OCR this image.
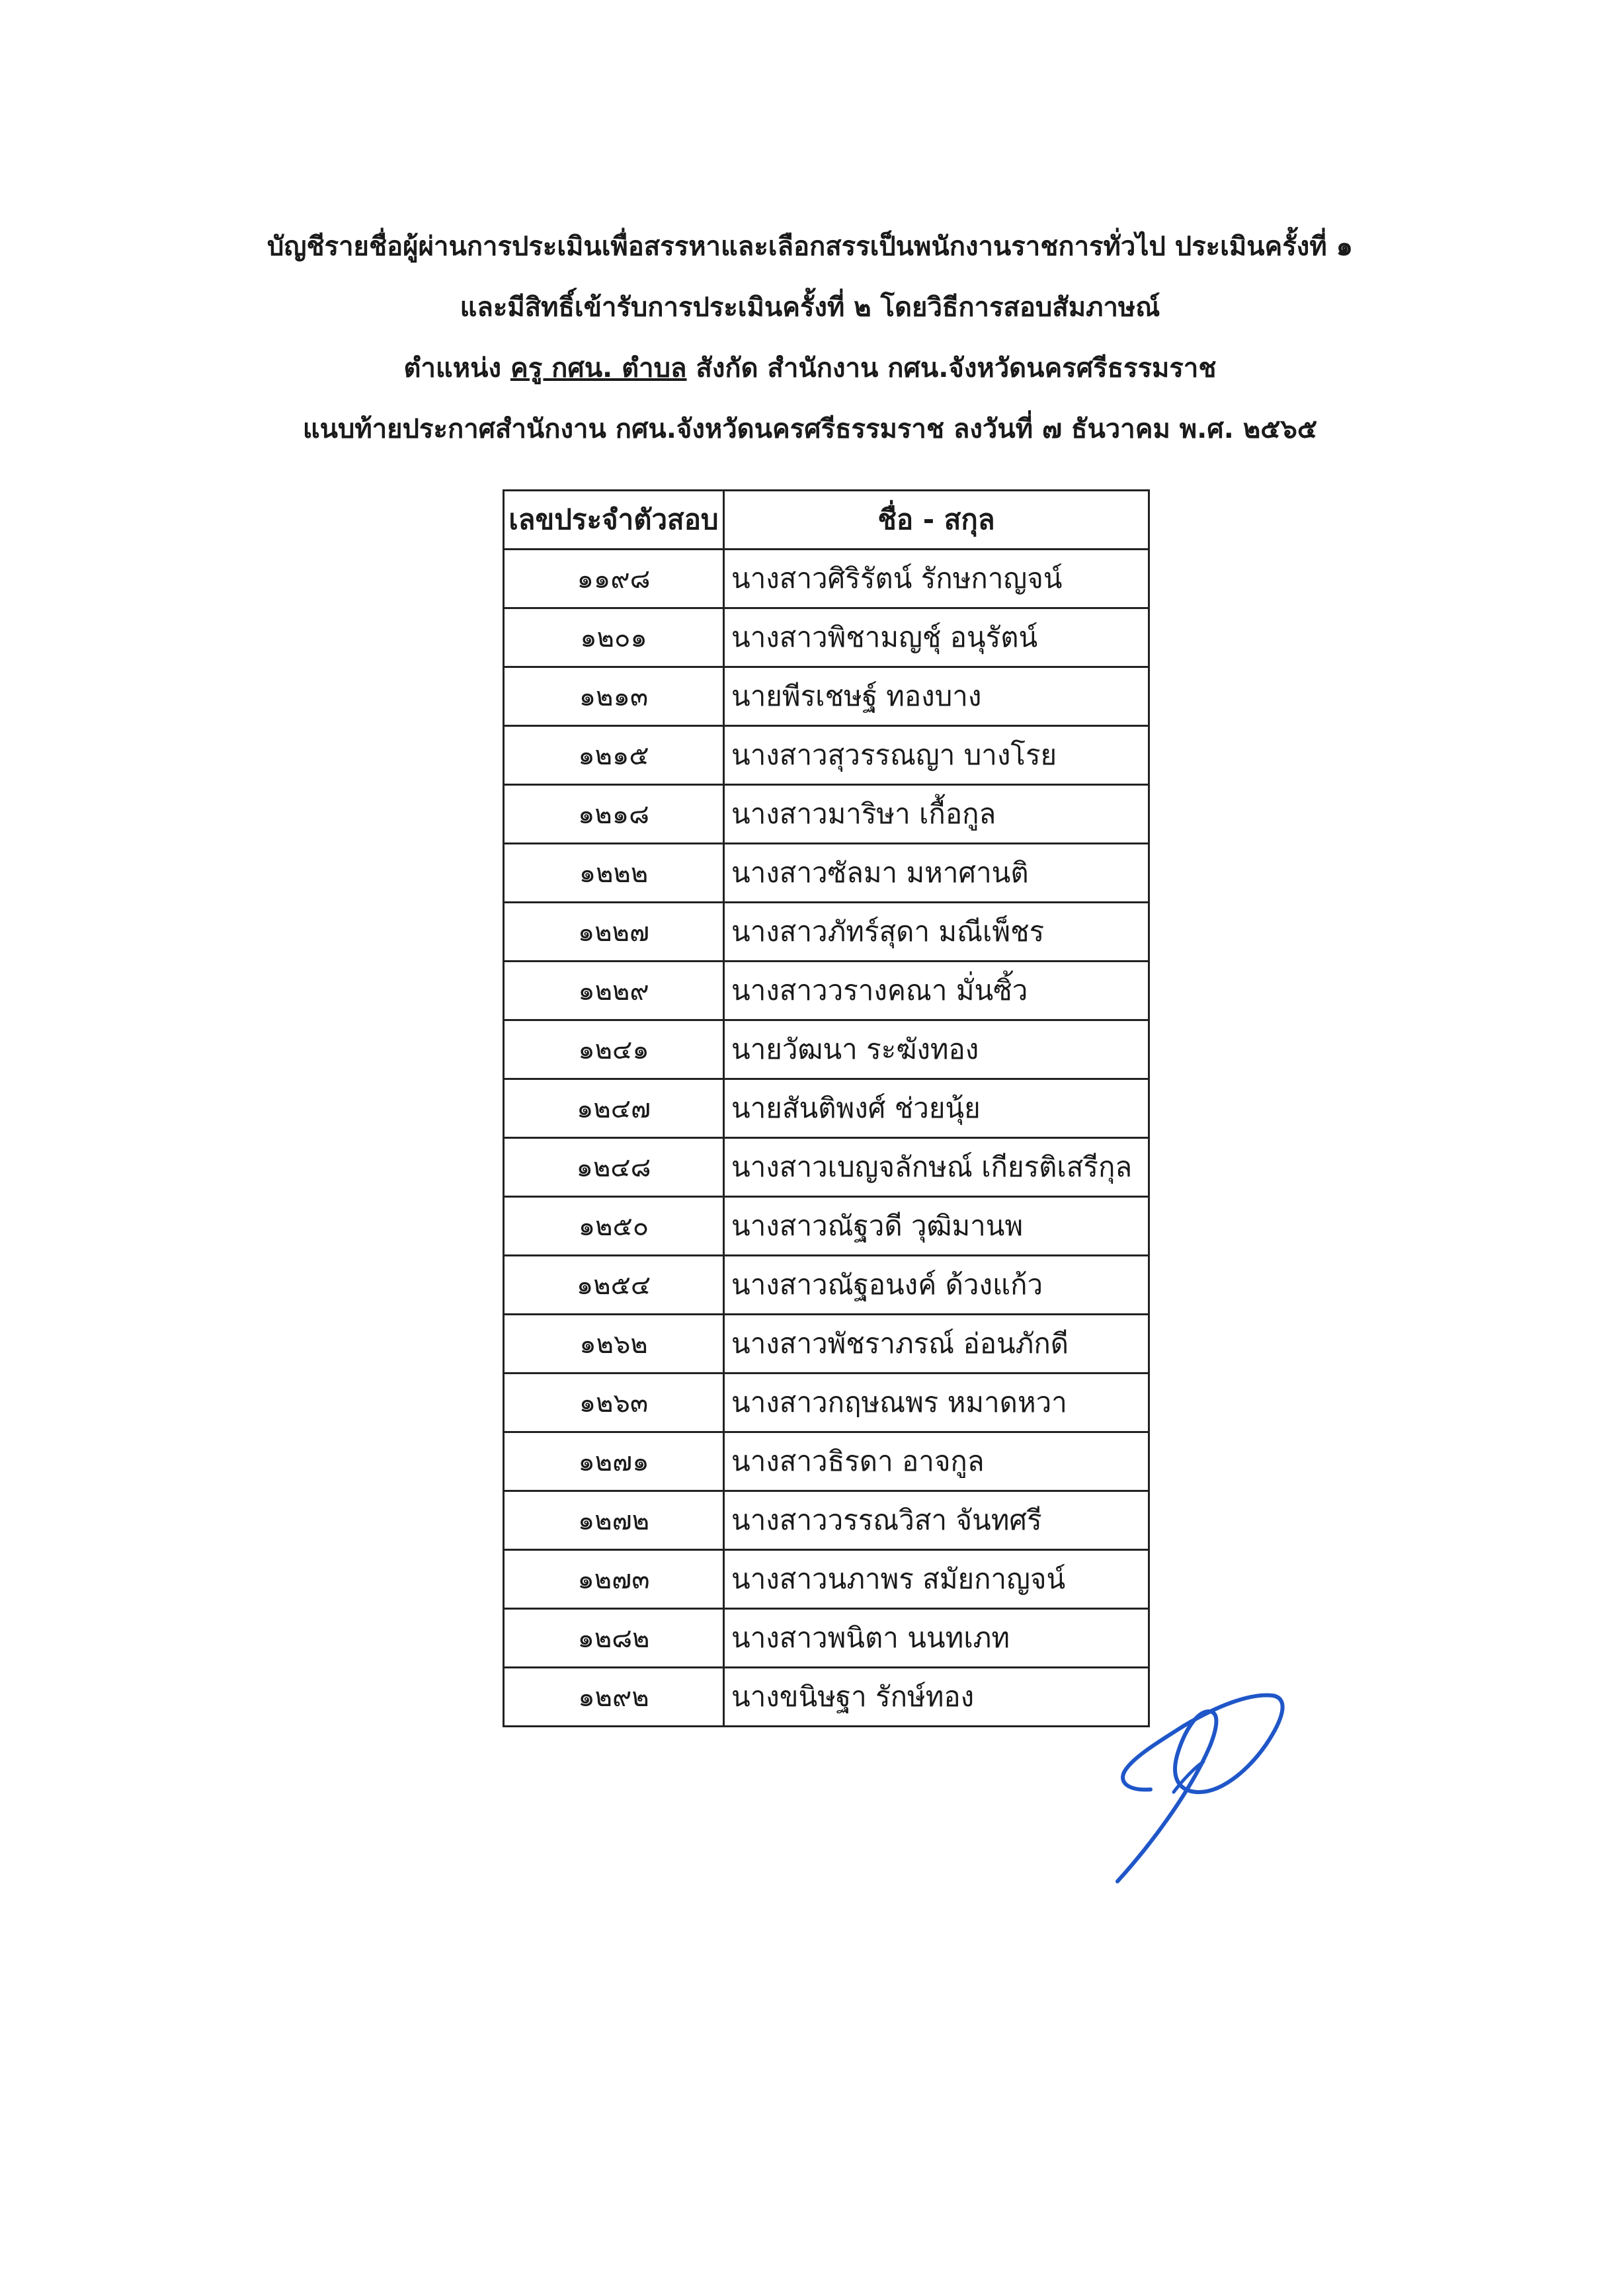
บัญชีรายชื่อผู้ผ่านการประเมินเพื่อสรรหาและเลือกสรรเป็นพนักงานราชการทั่วไป ประเมินครั้งที่ ๑
และมีสิทธิ์เข้ารับการประเมินครั้งที่ ๒ โดยวิธีการสอบสัมภาษณ์
ตำแหน่ง ครู กศน. ตำบล สังกัด สำนักงาน กศน.จังหวัดนครศรีธรรมราช
แนบท้ายประกาศสำนักงาน กศน.จังหวัดนครศรีธรรมราช ลงวันที่ ๗ ธันวาคม พ.ศ. ๒๕๖๕
เลขประจำตัวสอบ	ชื่อ - สกุล
๑๑๙๘	นางสาวศิริรัตน์ รักษกาญจน์
๑๒๐๑	นางสาวพิชามญชุ์ อนุรัตน์
๑๒๑๓	นายพีรเชษฐ์ ทองบาง
๑๒๑๕	นางสาวสุวรรณญา บางโรย
๑๒๑๘	นางสาวมาริษา เกื้อกูล
๑๒๒๒	นางสาวซัลมา มหาศานติ
๑๒๒๗	นางสาวภัทร์สุดา มณีเพ็ชร
๑๒๒๙	นางสาววรางคณา มั่นซิ้ว
๑๒๔๑	นายวัฒนา ระฆังทอง
๑๒๔๗	นายสันติพงศ์ ช่วยนุ้ย
๑๒๔๘	นางสาวเบญจลักษณ์ เกียรติเสรีกุล
๑๒๕๐	นางสาวณัฐวดี วุฒิมานพ
๑๒๕๔	นางสาวณัฐอนงค์ ด้วงแก้ว
๑๒๖๒	นางสาวพัชราภรณ์ อ่อนภักดี
๑๒๖๓	นางสาวกฤษณพร หมาดหวา
๑๒๗๑	นางสาวธิรดา อาจกูล
๑๒๗๒	นางสาววรรณวิสา จันทศรี
๑๒๗๓	นางสาวนภาพร สมัยกาญจน์
๑๒๘๒	นางสาวพนิตา นนทเภท
๑๒๙๒	นางขนิษฐา รักษ์ทอง
